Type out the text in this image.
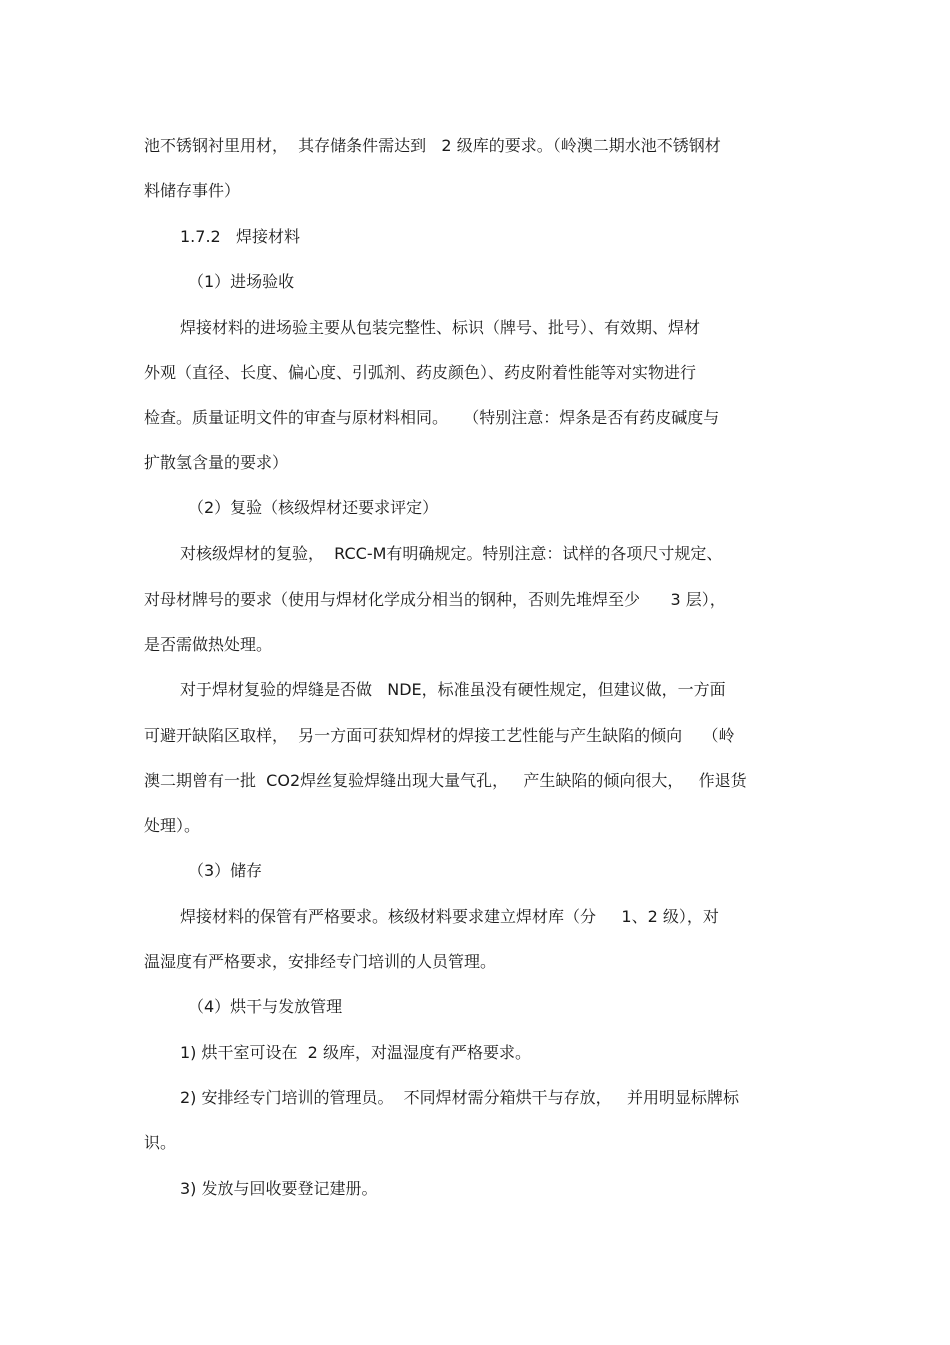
池不锈钢衬里用材，  其存储条件需达到   2 级库的要求。（岭澳二期水池不锈钢材
料储存事件）
1.7.2   焊接材料
（1）进场验收
焊接材料的进场验主要从包装完整性、标识（牌号、批号）、有效期、焊材
外观（直径、长度、偏心度、引弧剂、药皮颜色）、药皮附着性能等对实物进行
检查。质量证明文件的审查与原材料相同。   （特别注意：焊条是否有药皮碱度与
扩散氢含量的要求）
（2）复验（核级焊材还要求评定）
对核级焊材的复验，  RCC-M有明确规定。特别注意：试样的各项尺寸规定、
对母材牌号的要求（使用与焊材化学成分相当的钢种，否则先堆焊至少      3 层），
是否需做热处理。
对于焊材复验的焊缝是否做   NDE，标准虽没有硬性规定，但建议做，一方面
可避开缺陷区取样，  另一方面可获知焊材的焊接工艺性能与产生缺陷的倾向    （岭
澳二期曾有一批  CO2焊丝复验焊缝出现大量气孔，   产生缺陷的倾向很大，   作退货
处理）。
（3）储存
焊接材料的保管有严格要求。核级材料要求建立焊材库（分     1、2 级），对
温湿度有严格要求，安排经专门培训的人员管理。
（4）烘干与发放管理
1) 烘干室可设在  2 级库，对温湿度有严格要求。
2) 安排经专门培训的管理员。  不同焊材需分箱烘干与存放，   并用明显标牌标
识。
3) 发放与回收要登记建册。
